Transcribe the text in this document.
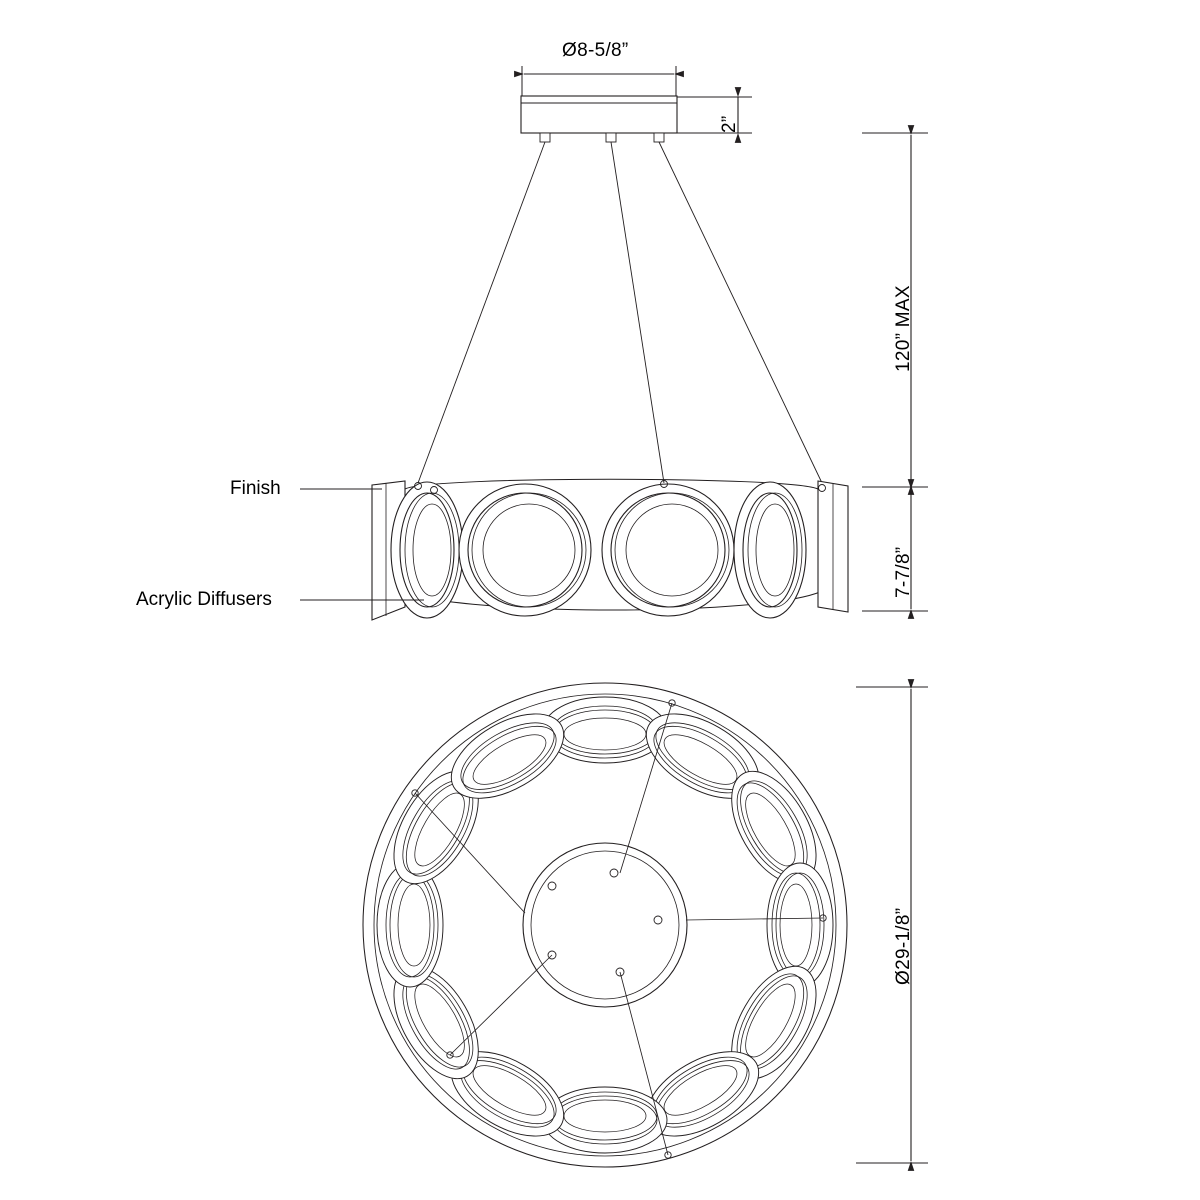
Ø8-5/8”
2”
120” MAX
7-7/8”
Ø29-1/8”
Finish
Acrylic Diffusers
